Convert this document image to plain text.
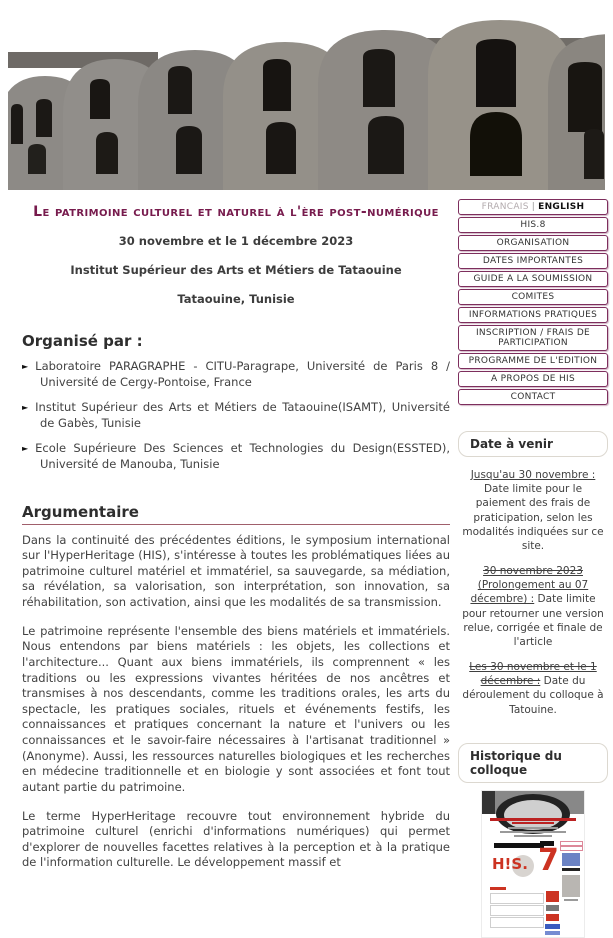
Le patrimoine culturel et naturel à l'ère post-numérique
30 novembre et le 1 décembre 2023
Institut Supérieur des Arts et Métiers de Tataouine
Tataouine, Tunisie
Organisé par :
► Laboratoire PARAGRAPHE - CITU-Paragrape, Université de Paris 8 / Université de Cergy-Pontoise, France
► Institut Supérieur des Arts et Métiers de Tataouine(ISAMT), Université de Gabès, Tunisie
► Ecole Supérieure Des Sciences et Technologies du Design(ESSTED), Université de Manouba, Tunisie
Argumentaire

Dans la continuité des précédentes éditions, le symposium international sur l'HyperHeritage (HIS), s'intéresse à toutes les problématiques liées au patrimoine culturel matériel et immatériel, sa sauvegarde, sa médiation, sa révélation, sa valorisation, son interprétation, son innovation, sa réhabilitation, son activation, ainsi que les modalités de sa transmission.

Le patrimoine représente l'ensemble des biens matériels et immatériels. Nous entendons par biens matériels : les objets, les collections et l'architecture... Quant aux biens immatériels, ils comprennent « les traditions ou les expressions vivantes héritées de nos ancêtres et transmises à nos descendants, comme les traditions orales, les arts du spectacle, les pratiques sociales, rituels et événements festifs, les connaissances et pratiques concernant la nature et l'univers ou les connaissances et le savoir-faire nécessaires à l'artisanat traditionnel » (Anonyme). Aussi, les ressources naturelles biologiques et les recherches en médecine traditionnelle et en biologie y sont associées et font tout autant partie du patrimoine.

Le terme HyperHeritage recouvre tout environnement hybride du patrimoine culturel (enrichi d'informations numériques) qui permet d'explorer de nouvelles facettes relatives à la perception et à la pratique de l'information culturelle. Le développement massif et

FRANCAIS | ENGLISH
HIS.8
ORGANISATION
DATES IMPORTANTES
GUIDE A LA SOUMISSION
COMITES
INFORMATIONS PRATIQUES
INSCRIPTION / FRAIS DE PARTICIPATION
PROGRAMME DE L'EDITION
A PROPOS DE HIS
CONTACT
Date à venir

Jusqu'au 30 novembre : Date limite pour le paiement des frais de praticipation, selon les modalités indiquées sur ce site.

30 novembre 2023 (Prolongement au 07 décembre) : Date limite pour retourner une version relue, corrigée et finale de l'article

Les 30 novembre et le 1 décembre : Date du déroulement du colloque à Tatouine.

Historique du colloque
H!S. 7
